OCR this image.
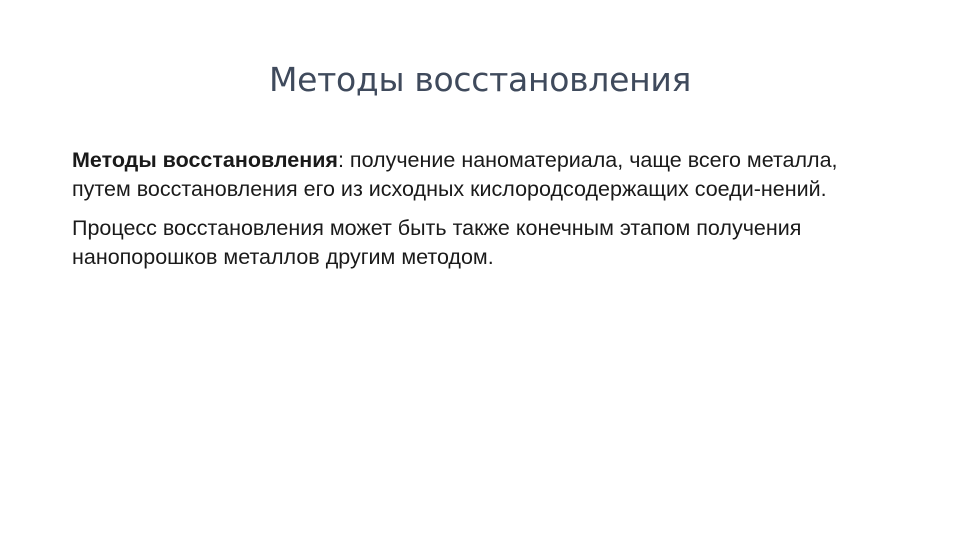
Методы восстановления

Методы восстановления: получение наноматериала, чаще всего металла, путем восстановления его из исходных кислородсодержащих соеди-нений.

Процесс восстановления может быть также конечным этапом получения нанопорошков металлов другим методом.
